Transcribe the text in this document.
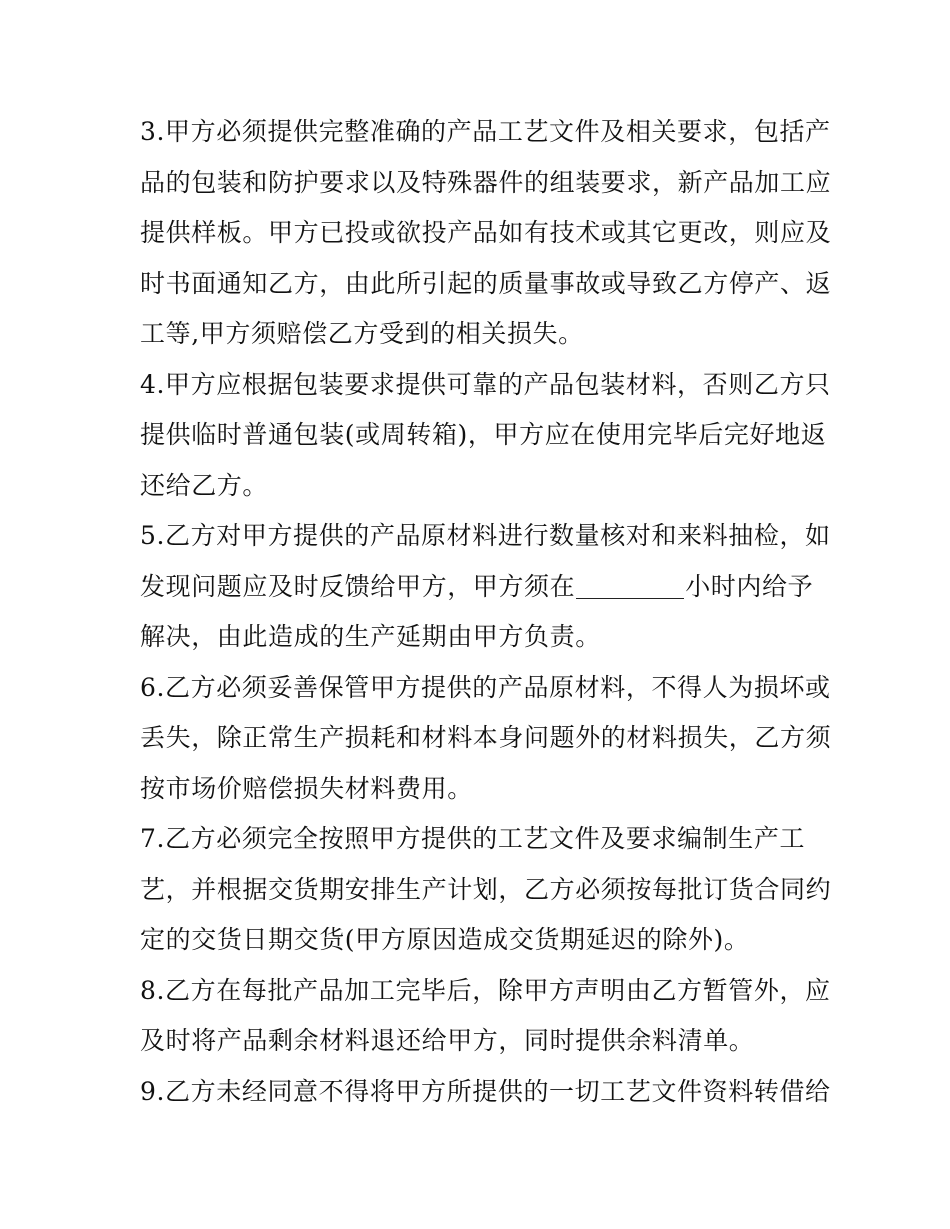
3.甲方必须提供完整准确的产品工艺文件及相关要求，包括产
品的包装和防护要求以及特殊器件的组装要求，新产品加工应
提供样板。甲方已投或欲投产品如有技术或其它更改，则应及
时书面通知乙方，由此所引起的质量事故或导致乙方停产、返
工等,甲方须赔偿乙方受到的相关损失。
4.甲方应根据包装要求提供可靠的产品包装材料，否则乙方只
提供临时普通包装(或周转箱)，甲方应在使用完毕后完好地返
还给乙方。
5.乙方对甲方提供的产品原材料进行数量核对和来料抽检，如
发现问题应及时反馈给甲方，甲方须在	小时内给予
解决，由此造成的生产延期由甲方负责。
6.乙方必须妥善保管甲方提供的产品原材料，不得人为损坏或
丢失，除正常生产损耗和材料本身问题外的材料损失，乙方须
按市场价赔偿损失材料费用。
7.乙方必须完全按照甲方提供的工艺文件及要求编制生产工
艺，并根据交货期安排生产计划，乙方必须按每批订货合同约
定的交货日期交货(甲方原因造成交货期延迟的除外)。
8.乙方在每批产品加工完毕后，除甲方声明由乙方暂管外，应
及时将产品剩余材料退还给甲方，同时提供余料清单。
9.乙方未经同意不得将甲方所提供的一切工艺文件资料转借给
